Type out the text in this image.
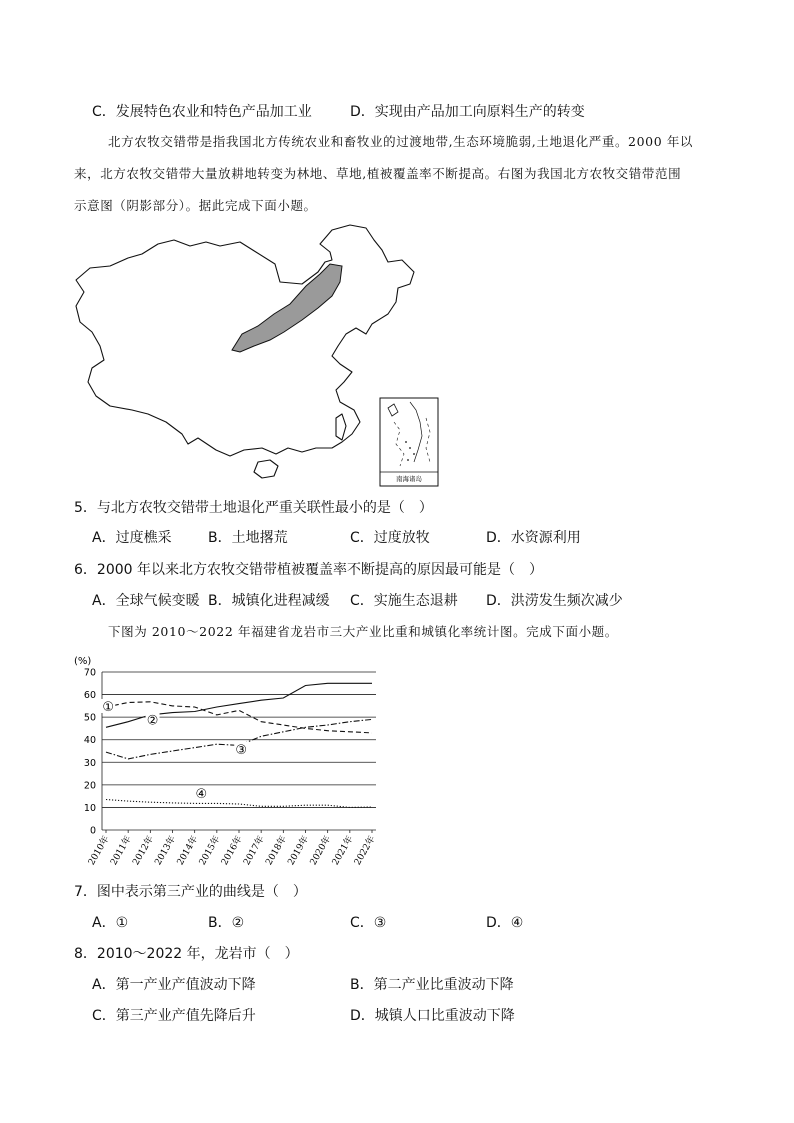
C．发展特色农业和特色产品加工业	D．实现由产品加工向原料生产的转变
北方农牧交错带是指我国北方传统农业和畜牧业的过渡地带,生态环境脆弱,土地退化严重。2000 年以
来，北方农牧交错带大量放耕地转变为林地、草地,植被覆盖率不断提高。右图为我国北方农牧交错带范围
示意图（阴影部分）。据此完成下面小题。
南海诸岛
5．与北方农牧交错带土地退化严重关联性最小的是（　）
A．过度樵采	B．土地撂荒	C．过度放牧	D．水资源利用
6．2000 年以来北方农牧交错带植被覆盖率不断提高的原因最可能是（　）
A．全球气候变暖 B．城镇化进程减缓 C．实施生态退耕 D．洪涝发生频次减少
下图为 2010～2022 年福建省龙岩市三大产业比重和城镇化率统计图。完成下面小题。
(%)
0
10
20
30
40
50
60
70
2010年
2011年
2012年
2013年
2014年
2015年
2016年
2017年
2018年
2019年
2020年
2021年
2022年
①
②
③
④
7．图中表示第三产业的曲线是（　）
A．①	B．②	C．③	D．④
8．2010～2022 年，龙岩市（　）
A．第一产业产值波动下降	B．第二产业比重波动下降
C．第三产业产值先降后升	D．城镇人口比重波动下降
